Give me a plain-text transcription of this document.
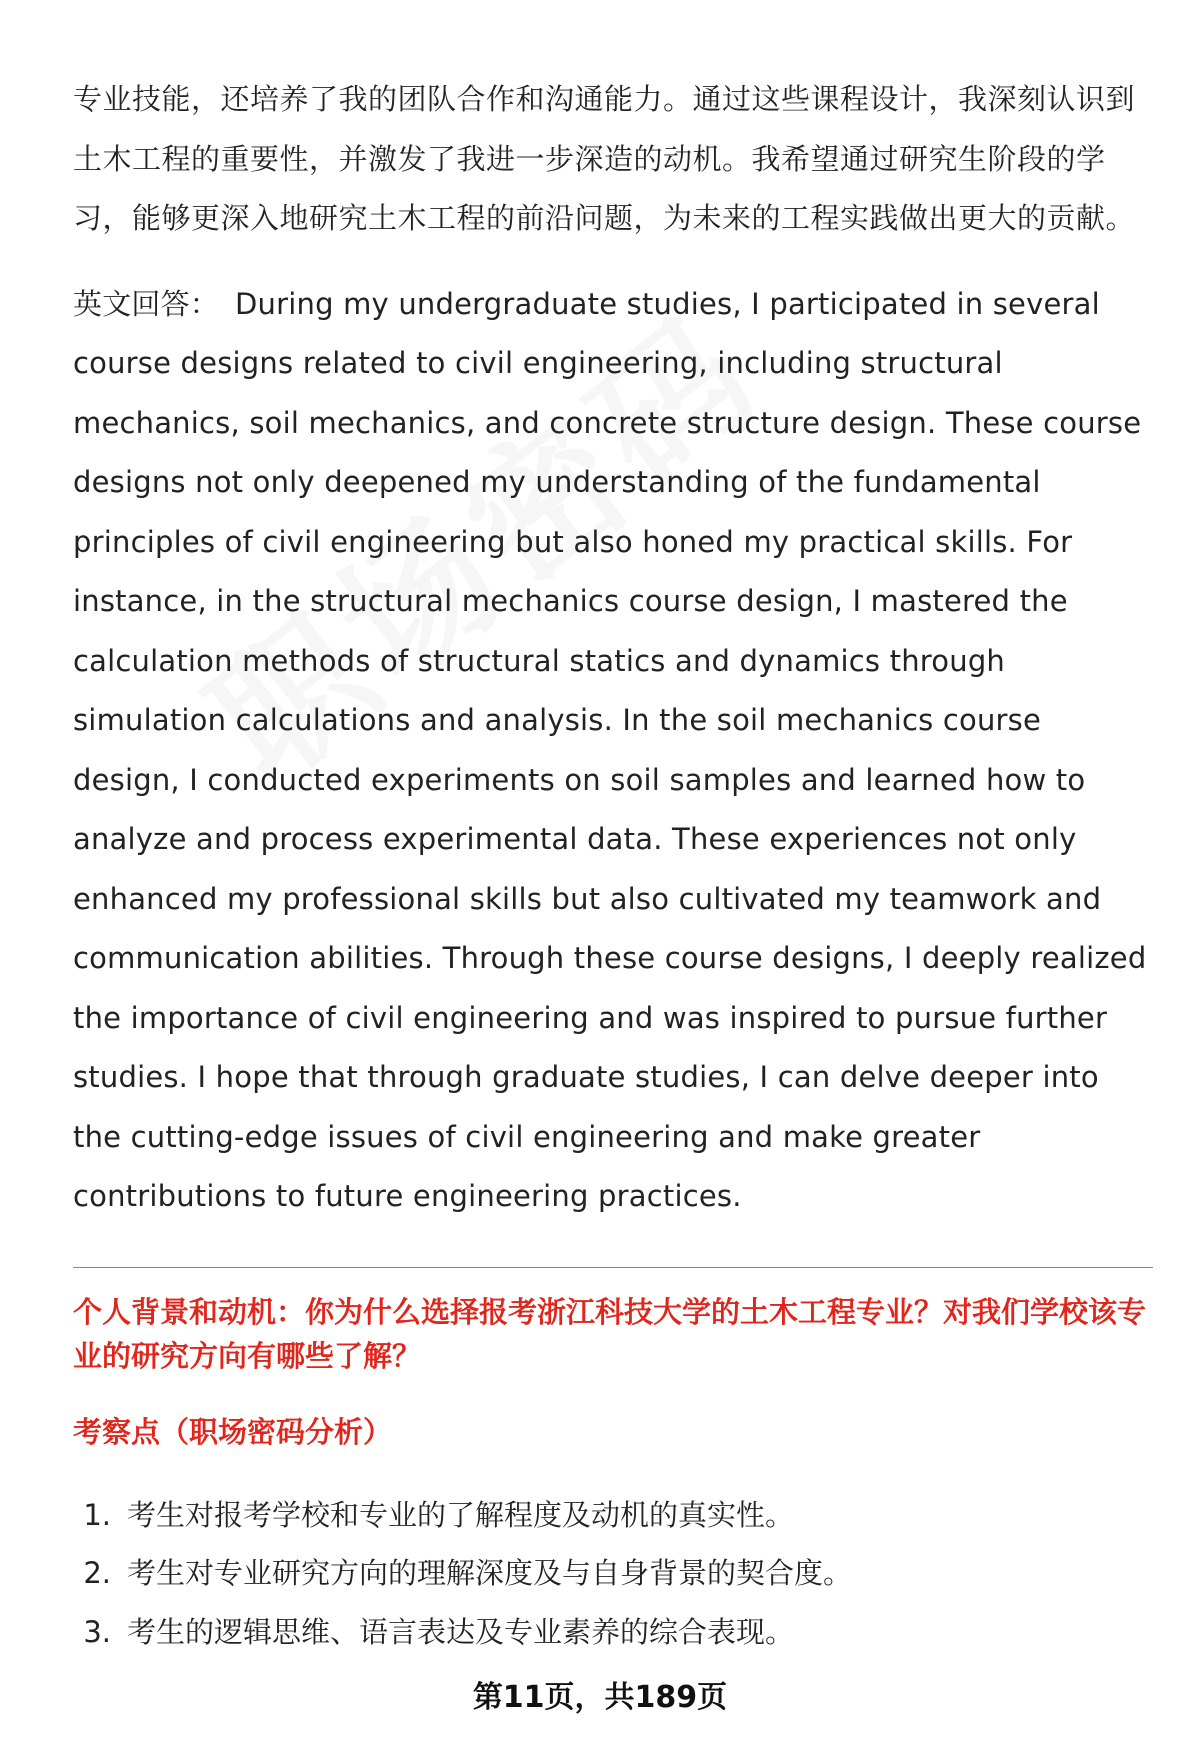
专业技能，还培养了我的团队合作和沟通能力。通过这些课程设计，我深刻认识到土木工程的重要性，并激发了我进一步深造的动机。我希望通过研究生阶段的学习，能够更深入地研究土木工程的前沿问题，为未来的工程实践做出更大的贡献。

英文回答： During my undergraduate studies, I participated in several course designs related to civil engineering, including structural mechanics, soil mechanics, and concrete structure design. These course designs not only deepened my understanding of the fundamental principles of civil engineering but also honed my practical skills. For instance, in the structural mechanics course design, I mastered the calculation methods of structural statics and dynamics through simulation calculations and analysis. In the soil mechanics course design, I conducted experiments on soil samples and learned how to analyze and process experimental data. These experiences not only enhanced my professional skills but also cultivated my teamwork and communication abilities. Through these course designs, I deeply realized the importance of civil engineering and was inspired to pursue further studies. I hope that through graduate studies, I can delve deeper into the cutting-edge issues of civil engineering and make greater contributions to future engineering practices.

个人背景和动机：你为什么选择报考浙江科技大学的土木工程专业？对我们学校该专业的研究方向有哪些了解？

考察点（职场密码分析）

1. 考生对报考学校和专业的了解程度及动机的真实性。
2. 考生对专业研究方向的理解深度及与自身背景的契合度。
3. 考生的逻辑思维、语言表达及专业素养的综合表现。
第11页，共189页
